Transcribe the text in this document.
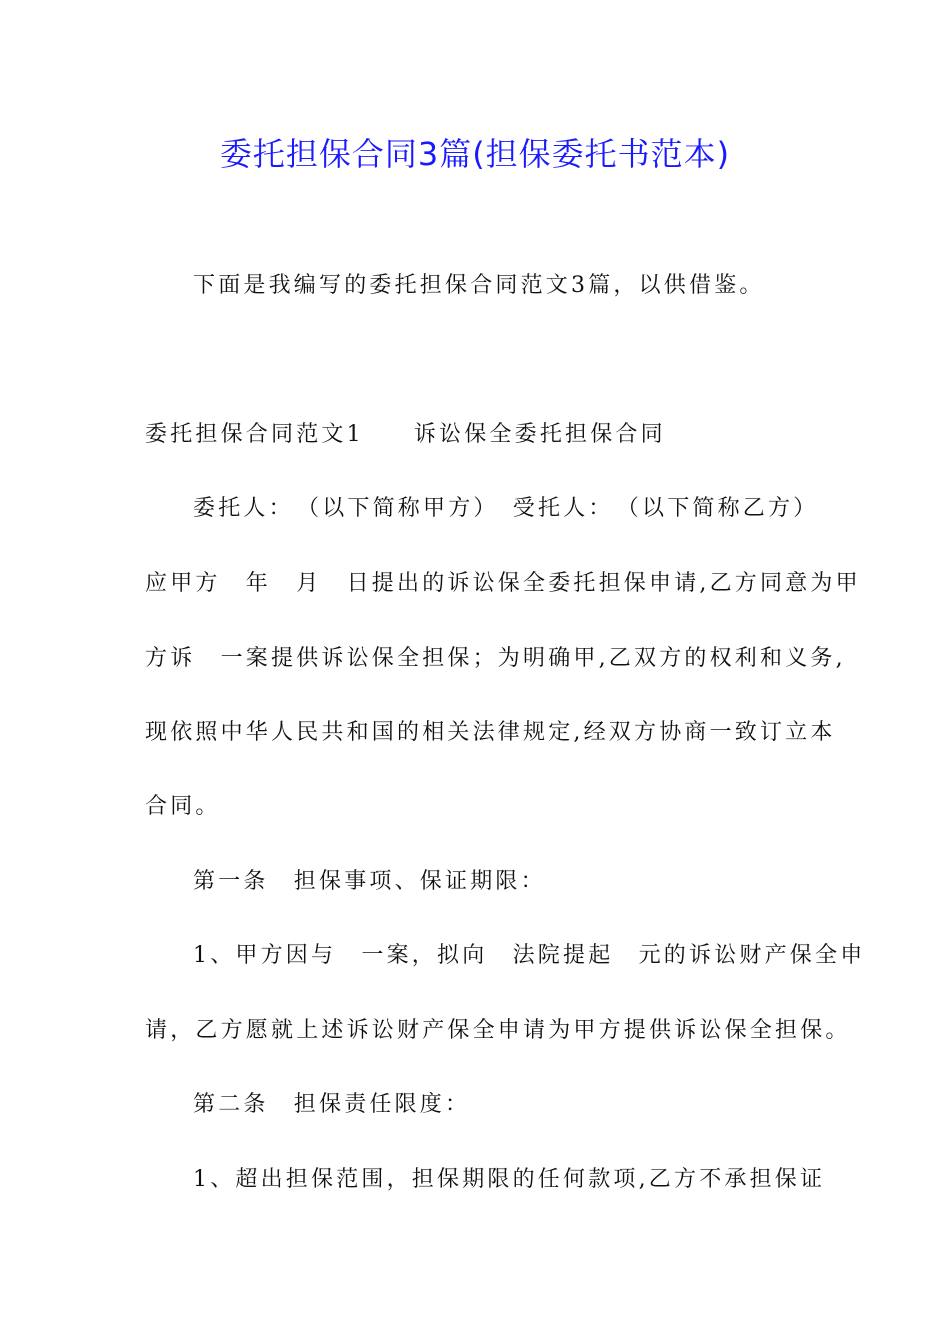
委托担保合同3篇(担保委托书范本)
下面是我编写的委托担保合同范文3篇，以供借鉴。
委托担保合同范文1 诉讼保全委托担保合同
委托人：　（以下简称甲方）　受托人：　（以下简称乙方）
应甲方　年　月　日提出的诉讼保全委托担保申请,乙方同意为甲
方诉　一案提供诉讼保全担保；为明确甲,乙双方的权利和义务,
现依照中华人民共和国的相关法律规定,经双方协商一致订立本
合同。
第一条　担保事项、保证期限：
1、甲方因与　一案，拟向　法院提起　元的诉讼财产保全申
请，乙方愿就上述诉讼财产保全申请为甲方提供诉讼保全担保。
第二条　担保责任限度：
1、超出担保范围，担保期限的任何款项,乙方不承担保证
